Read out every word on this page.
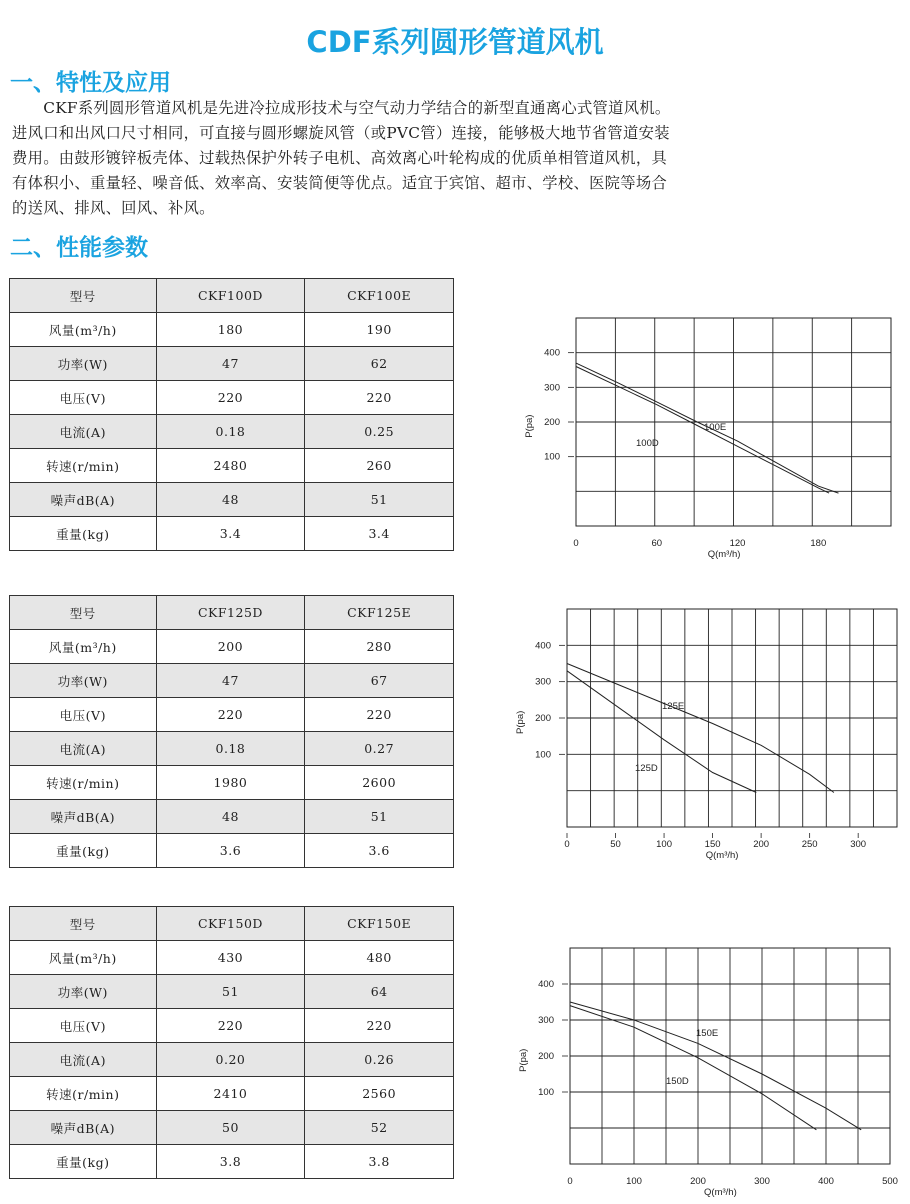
CDF系列圆形管道风机
一、特性及应用
　　CKF系列圆形管道风机是先进冷拉成形技术与空气动力学结合的新型直通离心式管道风机。
进风口和出风口尺寸相同，可直接与圆形螺旋风管（或PVC管）连接，能够极大地节省管道安装
费用。由鼓形镀锌板壳体、过载热保护外转子电机、高效离心叶轮构成的优质单相管道风机，具
有体积小、重量轻、噪音低、效率高、安装简便等优点。适宜于宾馆、超市、学校、医院等场合
的送风、排风、回风、补风。
二、性能参数
型号	CKF100D	CKF100E
风量(m³/h)	180	190
功率(W)	47	62
电压(V)	220	220
电流(A)	0.18	0.25
转速(r/min)	2480	260
噪声dB(A)	48	51
重量(kg)	3.4	3.4
型号	CKF125D	CKF125E
风量(m³/h)	200	280
功率(W)	47	67
电压(V)	220	220
电流(A)	0.18	0.27
转速(r/min)	1980	2600
噪声dB(A)	48	51
重量(kg)	3.6	3.6
型号	CKF150D	CKF150E
风量(m³/h)	430	480
功率(W)	51	64
电压(V)	220	220
电流(A)	0.20	0.26
转速(r/min)	2410	2560
噪声dB(A)	50	52
重量(kg)	3.8	3.8
100
200
300
400
0	60	120	180
Q(m³/h)
P(pa)
100D
100E
100
200
300
400
0	50	100	150	200	250	300
Q(m³/h)
P(pa)
125D
125E
100
200
300
400
0	100	200	300	400	500
Q(m³/h)
P(pa)
150D
150E
